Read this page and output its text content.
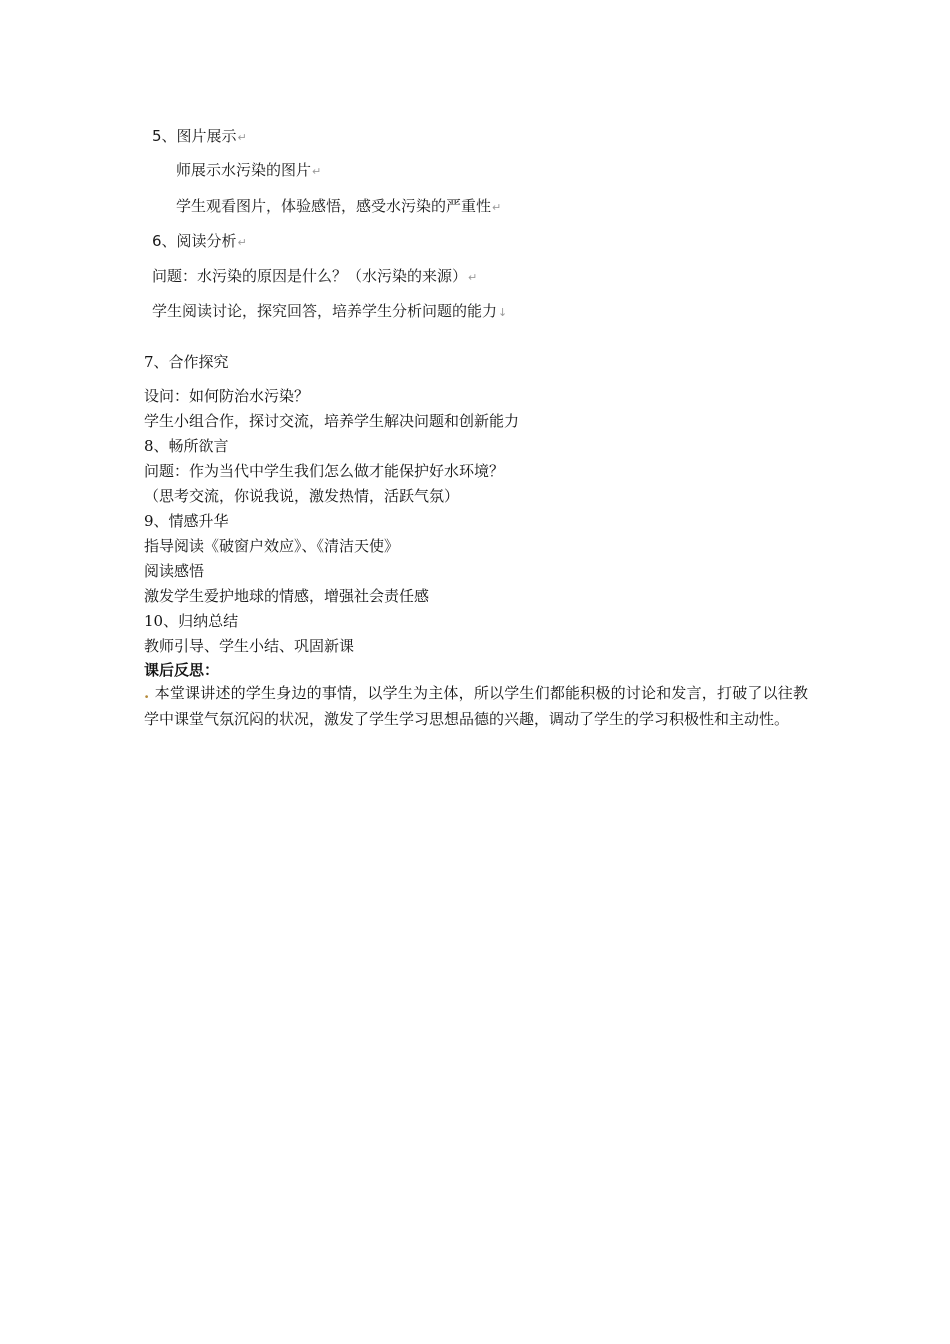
5、图片展示↵
师展示水污染的图片↵
学生观看图片，体验感悟，感受水污染的严重性↵
6、阅读分析↵
问题：水污染的原因是什么？（水污染的来源）↵
学生阅读讨论，探究回答，培养学生分析问题的能力↓
7、合作探究
设问：如何防治水污染？
学生小组合作，探讨交流，培养学生解决问题和创新能力
8、畅所欲言
问题：作为当代中学生我们怎么做才能保护好水环境？
（思考交流，你说我说，激发热情，活跃气氛）
9、情感升华
指导阅读《破窗户效应》、《清洁天使》
阅读感悟
激发学生爱护地球的情感，增强社会责任感
10、归纳总结
教师引导、学生小结、巩固新课
课后反思：
. 本堂课讲述的学生身边的事情，以学生为主体，所以学生们都能积极的讨论和发言，打破了以往教学中课堂气氛沉闷的状况，激发了学生学习思想品德的兴趣，调动了学生的学习积极性和主动性。
